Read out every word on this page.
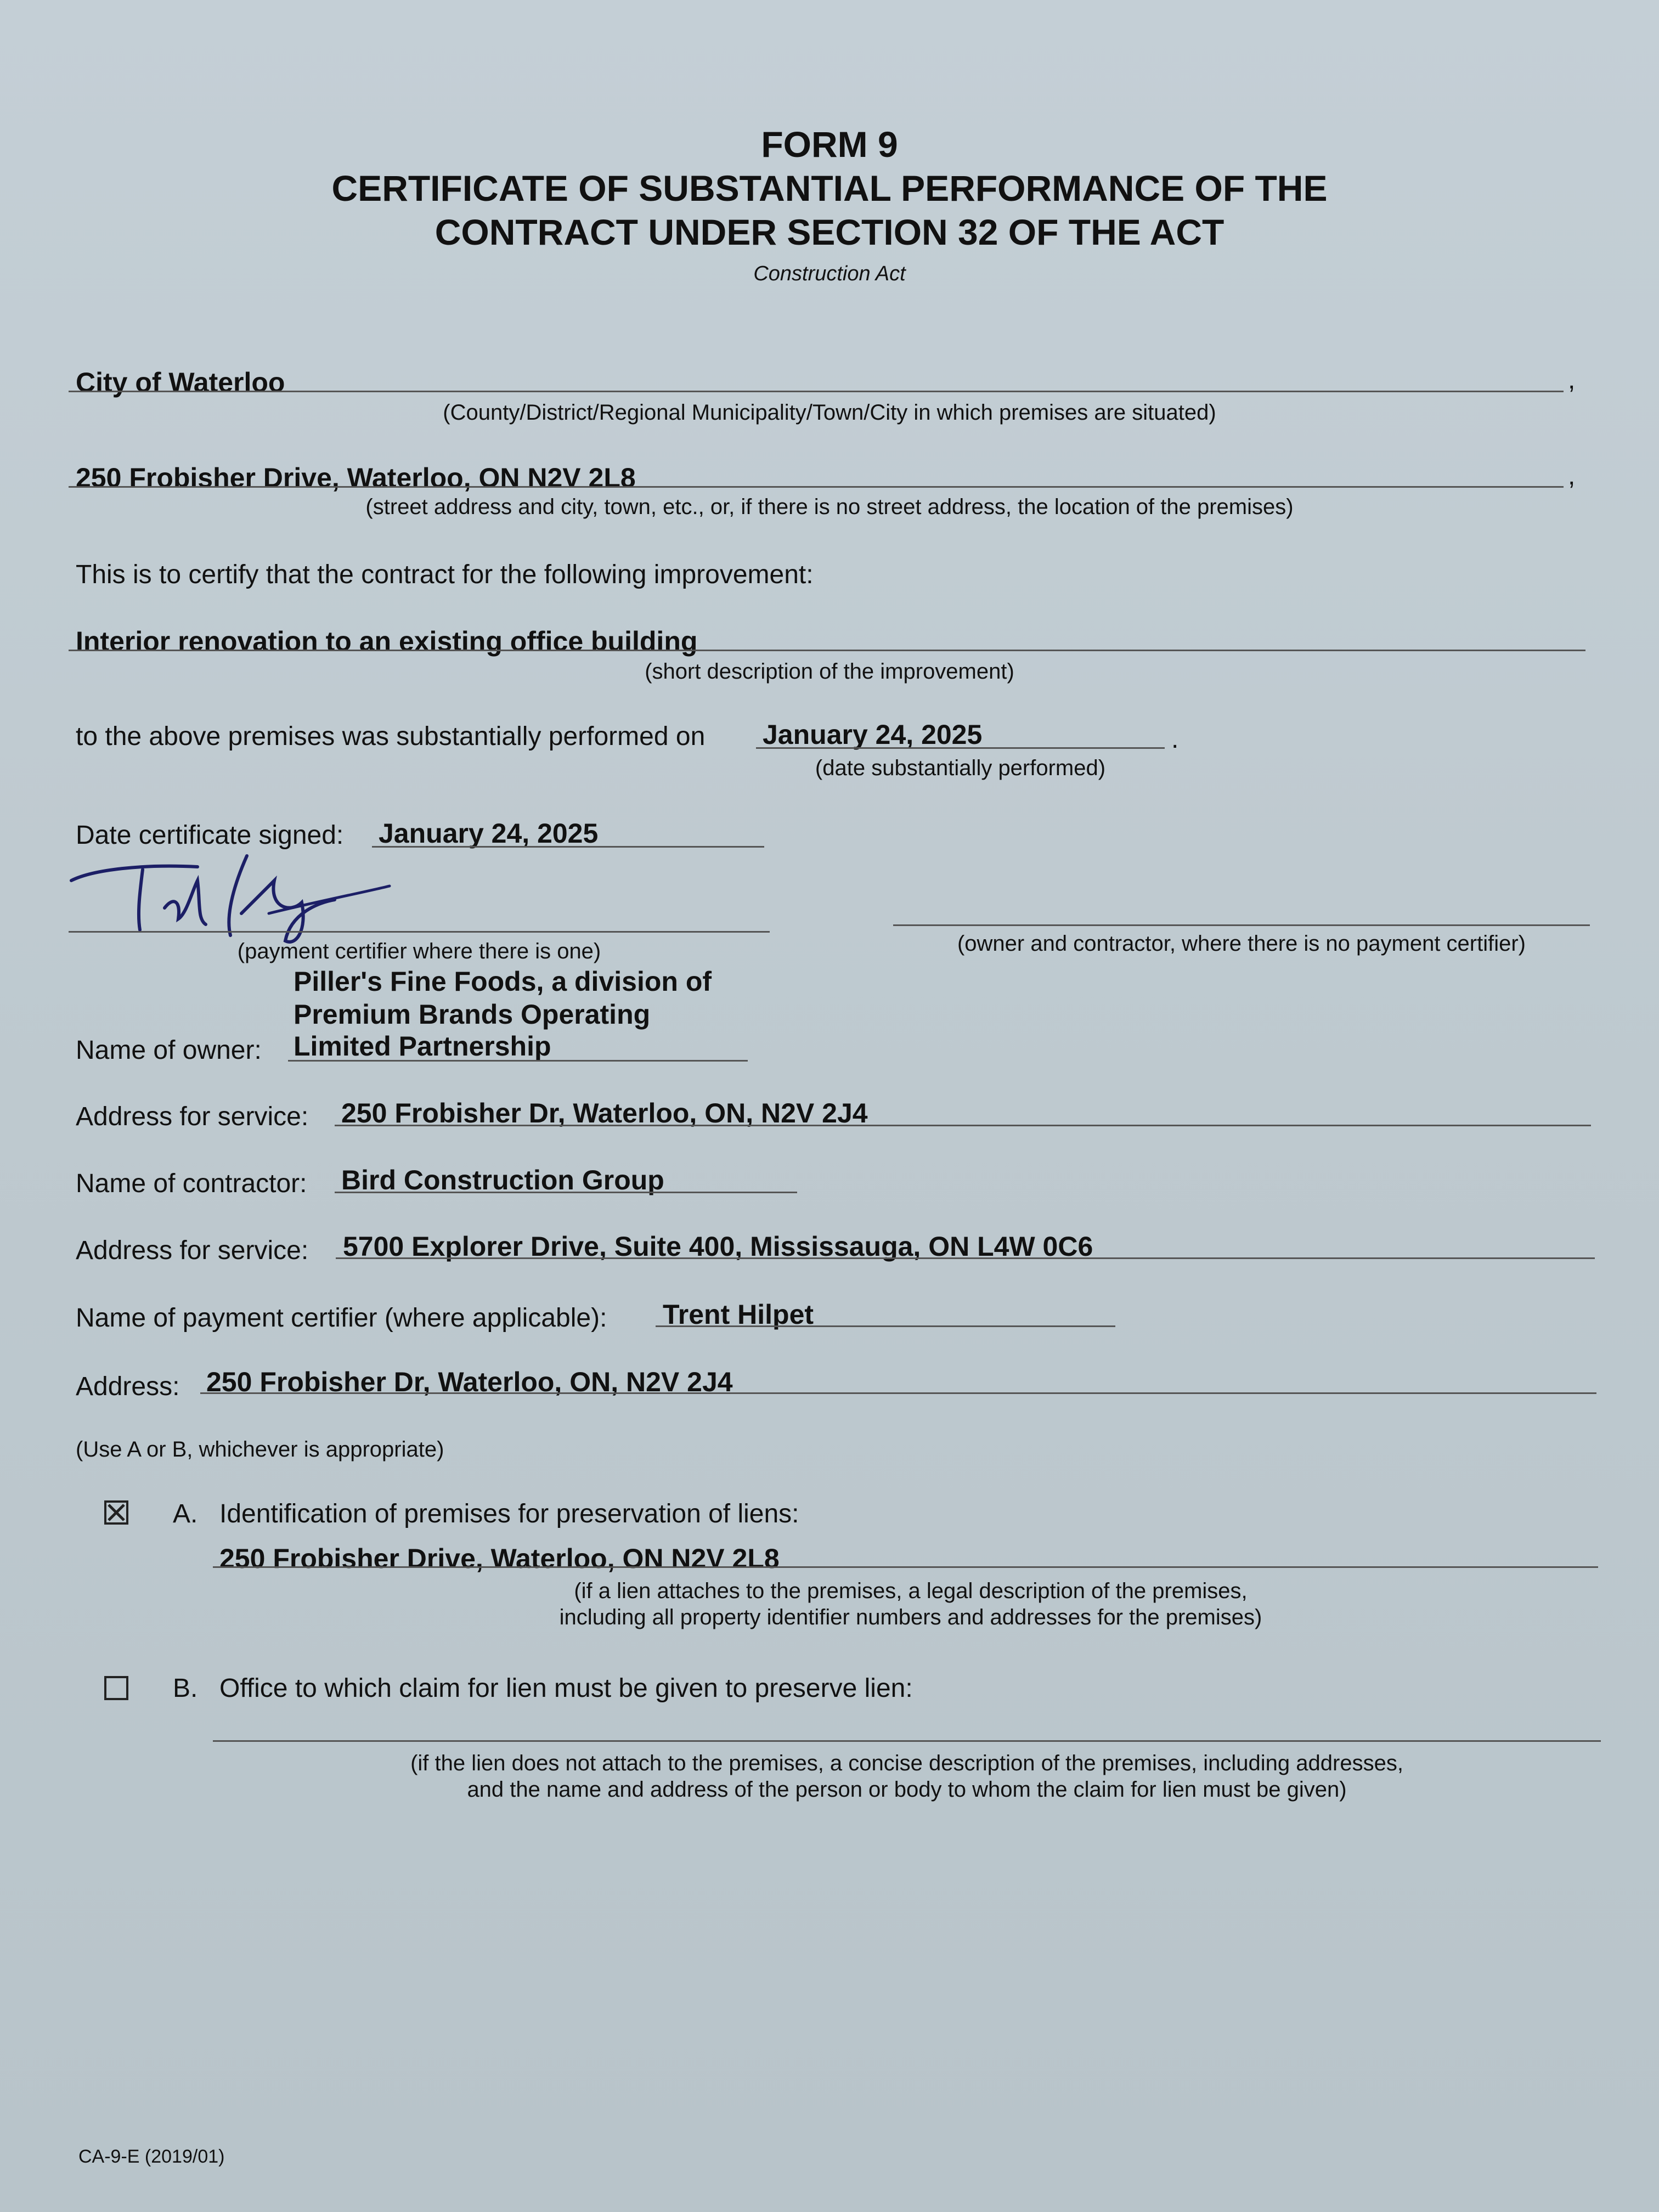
FORM 9
CERTIFICATE OF SUBSTANTIAL PERFORMANCE OF THE
CONTRACT UNDER SECTION 32 OF THE ACT
Construction Act
City of Waterloo	,
(County/District/Regional Municipality/Town/City in which premises are situated)
250 Frobisher Drive, Waterloo, ON N2V 2L8	,
(street address and city, town, etc., or, if there is no street address, the location of the premises)
This is to certify that the contract for the following improvement:
Interior renovation to an existing office building
(short description of the improvement)
to the above premises was substantially performed on January 24, 2025	.
(date substantially performed)
Date certificate signed: January 24, 2025
(payment certifier where there is one)	(owner and contractor, where there is no payment certifier)
Piller's Fine Foods, a division of
Premium Brands Operating
Name of owner: Limited Partnership
Address for service: 250 Frobisher Dr, Waterloo, ON, N2V 2J4
Name of contractor: Bird Construction Group
Address for service: 5700 Explorer Drive, Suite 400, Mississauga, ON L4W 0C6
Name of payment certifier (where applicable): Trent Hilpet
Address: 250 Frobisher Dr, Waterloo, ON, N2V 2J4
(Use A or B, whichever is appropriate)
A. Identification of premises for preservation of liens:
250 Frobisher Drive, Waterloo, ON N2V 2L8
(if a lien attaches to the premises, a legal description of the premises,
including all property identifier numbers and addresses for the premises)
B. Office to which claim for lien must be given to preserve lien:
(if the lien does not attach to the premises, a concise description of the premises, including addresses,
and the name and address of the person or body to whom the claim for lien must be given)
CA-9-E (2019/01)
